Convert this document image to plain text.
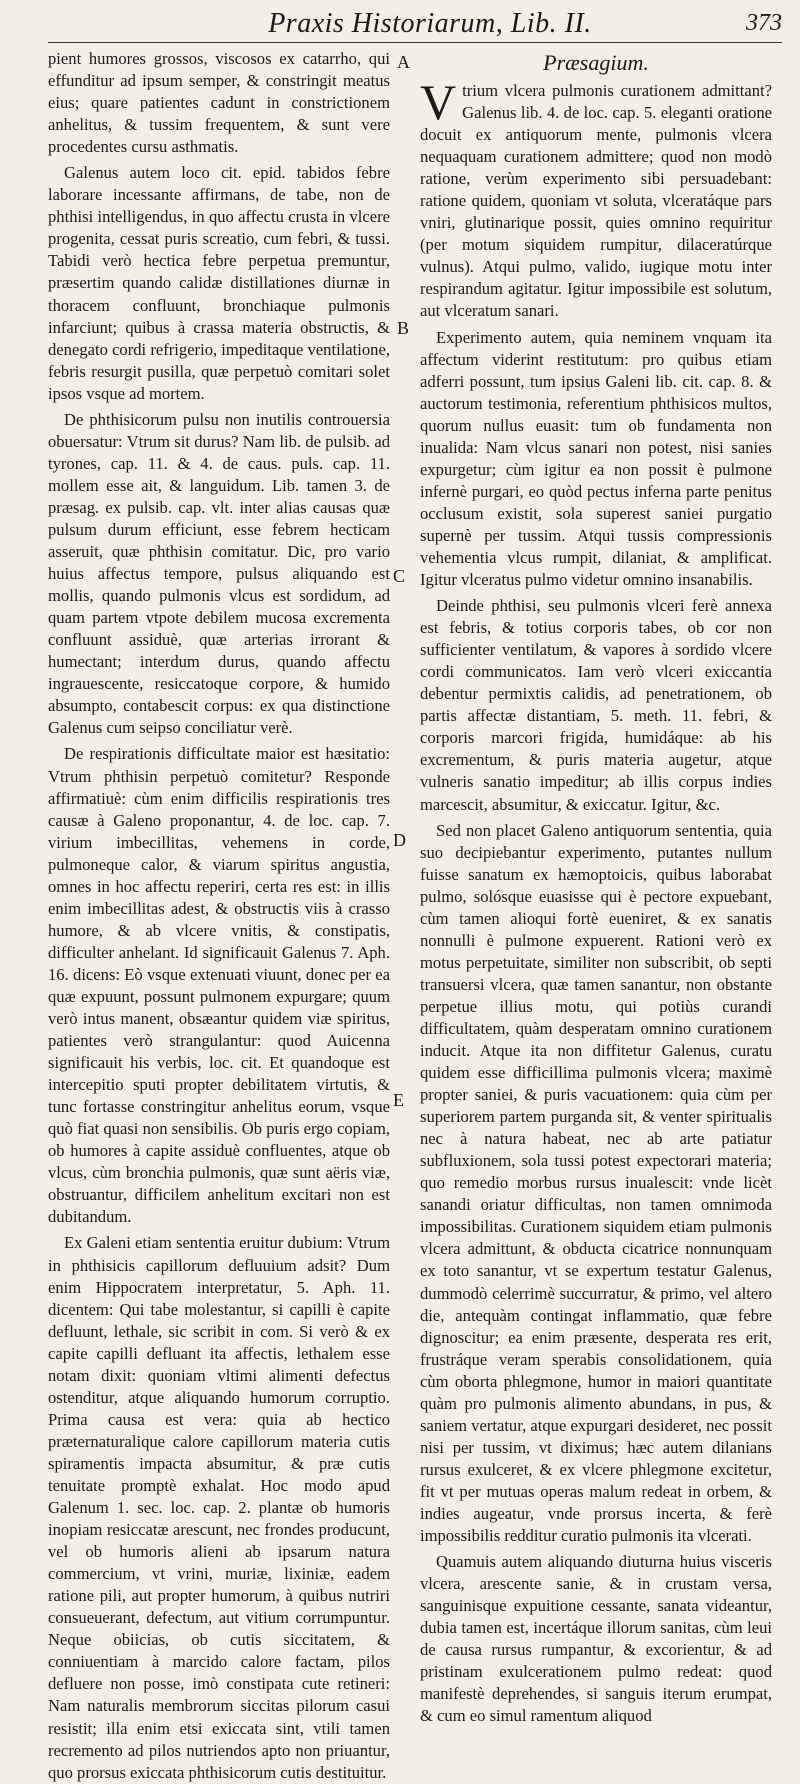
Praxis Historiarum, Lib. II.	373

pient humores grossos, viscosos ex catarrho, qui effunditur ad ipsum semper, & constringit meatus eius; quare patientes cadunt in constrictionem anhelitus, & tussim frequentem, & sunt vere procedentes cursu asthmatis.

Galenus autem loco cit. epid. tabidos febre laborare incessante affirmans, de tabe, non de phthisi intelligendus, in quo affectu crusta in vlcere progenita, cessat puris screatio, cum febri, & tussi. Tabidi verò hectica febre perpetua premuntur, præsertim quando calidæ distillationes diurnæ in thoracem confluunt, bronchiaque pulmonis infarciunt; quibus à crassa materia obstructis, & denegato cordi refrigerio, impeditaque ventilatione, febris resurgit pusilla, quæ perpetuò comitari solet ipsos vsque ad mortem.

De phthisicorum pulsu non inutilis controuersia obuersatur: Vtrum sit durus? Nam lib. de pulsib. ad tyrones, cap. 11. & 4. de caus. puls. cap. 11. mollem esse ait, & languidum. Lib. tamen 3. de præsag. ex pulsib. cap. vlt. inter alias causas quæ pulsum durum efficiunt, esse febrem hecticam asseruit, quæ phthisin comitatur. Dic, pro vario huius affectus tempore, pulsus aliquando est mollis, quando pulmonis vlcus est sordidum, ad quam partem vtpote debilem mucosa excrementa confluunt assiduè, quæ arterias irrorant & humectant; interdum durus, quando affectu ingrauescente, resiccatoque corpore, & humido absumpto, contabescit corpus: ex qua distinctione Galenus cum seipso conciliatur verè.

De respirationis difficultate maior est hæsitatio: Vtrum phthisin perpetuò comitetur? Responde affirmatiuè: cùm enim difficilis respirationis tres causæ à Galeno proponantur, 4. de loc. cap. 7. virium imbecillitas, vehemens in corde, pulmoneque calor, & viarum spiritus angustia, omnes in hoc affectu reperiri, certa res est: in illis enim imbecillitas adest, & obstructis viis à crasso humore, & ab vlcere vnitis, & constipatis, difficulter anhelant. Id significauit Galenus 7. Aph. 16. dicens: Eò vsque extenuati viuunt, donec per ea quæ expuunt, possunt pulmonem expurgare; quum verò intus manent, obsæantur quidem viæ spiritus, patientes verò strangulantur: quod Auicenna significauit his verbis, loc. cit. Et quandoque est intercepitio sputi propter debilitatem virtutis, & tunc fortasse constringitur anhelitus eorum, vsque quò fiat quasi non sensibilis. Ob puris ergo copiam, ob humores à capite assiduè confluentes, atque ob vlcus, cùm bronchia pulmonis, quæ sunt aëris viæ, obstruantur, difficilem anhelitum excitari non est dubitandum.

Ex Galeni etiam sententia eruitur dubium: Vtrum in phthisicis capillorum defluuium adsit? Dum enim Hippocratem interpretatur, 5. Aph. 11. dicentem: Qui tabe molestantur, si capilli è capite defluunt, lethale, sic scribit in com. Si verò & ex capite capilli defluant ita affectis, lethalem esse notam dixit: quoniam vltimi alimenti defectus ostenditur, atque aliquando humorum corruptio. Prima causa est vera: quia ab hectico præternaturalique calore capillorum materia cutis spiramentis impacta absumitur, & præ cutis tenuitate promptè exhalat. Hoc modo apud Galenum 1. sec. loc. cap. 2. plantæ ob humoris inopiam resiccatæ arescunt, nec frondes producunt, vel ob humoris alieni ab ipsarum natura commercium, vt vrini, muriæ, lixiniæ, eadem ratione pili, aut propter humorum, à quibus nutriri consueuerant, defectum, aut vitium corrumpuntur. Neque obiicias, ob cutis siccitatem, & conniuentiam à marcido calore factam, pilos defluere non posse, imò constipata cute retineri: Nam naturalis membrorum siccitas pilorum casui resistit; illa enim etsi exiccata sint, vtili tamen recremento ad pilos nutriendos apto non priuantur, quo prorsus exiccata phthisicorum cutis destituitur.

A
B
C
D
E
Præsagium.

Vtrium vlcera pulmonis curationem admittant? Galenus lib. 4. de loc. cap. 5. eleganti oratione docuit ex antiquorum mente, pulmonis vlcera nequaquam curationem admittere; quod non modò ratione, verùm experimento sibi persuadebant: ratione quidem, quoniam vt soluta, vlceratáque pars vniri, glutinarique possit, quies omnino requiritur (per motum siquidem rumpitur, dilaceratúrque vulnus). Atqui pulmo, valido, iugique motu inter respirandum agitatur. Igitur impossibile est solutum, aut vlceratum sanari.

Experimento autem, quia neminem vnquam ita affectum viderint restitutum: pro quibus etiam adferri possunt, tum ipsius Galeni lib. cit. cap. 8. & auctorum testimonia, referentium phthisicos multos, quorum nullus euasit: tum ob fundamenta non inualida: Nam vlcus sanari non potest, nisi sanies expurgetur; cùm igitur ea non possit è pulmone infernè purgari, eo quòd pectus inferna parte penitus occlusum existit, sola superest saniei purgatio supernè per tussim. Atqui tussis compressionis vehementia vlcus rumpit, dilaniat, & amplificat. Igitur vlceratus pulmo videtur omnino insanabilis.

Deinde phthisi, seu pulmonis vlceri ferè annexa est febris, & totius corporis tabes, ob cor non sufficienter ventilatum, & vapores à sordido vlcere cordi communicatos. Iam verò vlceri exiccantia debentur permixtis calidis, ad penetrationem, ob partis affectæ distantiam, 5. meth. 11. febri, & corporis marcori frigida, humidáque: ab his excrementum, & puris materia augetur, atque vulneris sanatio impeditur; ab illis corpus indies marcescit, absumitur, & exiccatur. Igitur, &c.

Sed non placet Galeno antiquorum sententia, quia suo decipiebantur experimento, putantes nullum fuisse sanatum ex hæmoptoicis, quibus laborabat pulmo, solósque euasisse qui è pectore expuebant, cùm tamen alioqui fortè eueniret, & ex sanatis nonnulli è pulmone expuerent. Rationi verò ex motus perpetuitate, similiter non subscribit, ob septi transuersi vlcera, quæ tamen sanantur, non obstante perpetue illius motu, qui potiùs curandi difficultatem, quàm desperatam omnino curationem inducit. Atque ita non diffitetur Galenus, curatu quidem esse difficillima pulmonis vlcera; maximè propter saniei, & puris vacuationem: quia cùm per superiorem partem purganda sit, & venter spiritualis nec à natura habeat, nec ab arte patiatur subfluxionem, sola tussi potest expectorari materia; quo remedio morbus rursus inualescit: vnde licèt sanandi oriatur difficultas, non tamen omnimoda impossibilitas. Curationem siquidem etiam pulmonis vlcera admittunt, & obducta cicatrice nonnunquam ex toto sanantur, vt se expertum testatur Galenus, dummodò celerrimè succurratur, & primo, vel altero die, antequàm contingat inflammatio, quæ febre dignoscitur; ea enim præsente, desperata res erit, frustráque veram sperabis consolidationem, quia cùm oborta phlegmone, humor in maiori quantitate quàm pro pulmonis alimento abundans, in pus, & saniem vertatur, atque expurgari desideret, nec possit nisi per tussim, vt diximus; hæc autem dilanians rursus exulceret, & ex vlcere phlegmone excitetur, fit vt per mutuas operas malum redeat in orbem, & indies augeatur, vnde prorsus incerta, & ferè impossibilis redditur curatio pulmonis ita vlcerati.

Quamuis autem aliquando diuturna huius visceris vlcera, arescente sanie, & in crustam versa, sanguinisque expuitione cessante, sanata videantur, dubia tamen est, incertáque illorum sanitas, cùm leui de causa rursus rumpantur, & excorientur, & ad pristinam exulcerationem pulmo redeat: quod manifestè deprehendes, si sanguis iterum erumpat, & cum eo simul ramentum aliquod
